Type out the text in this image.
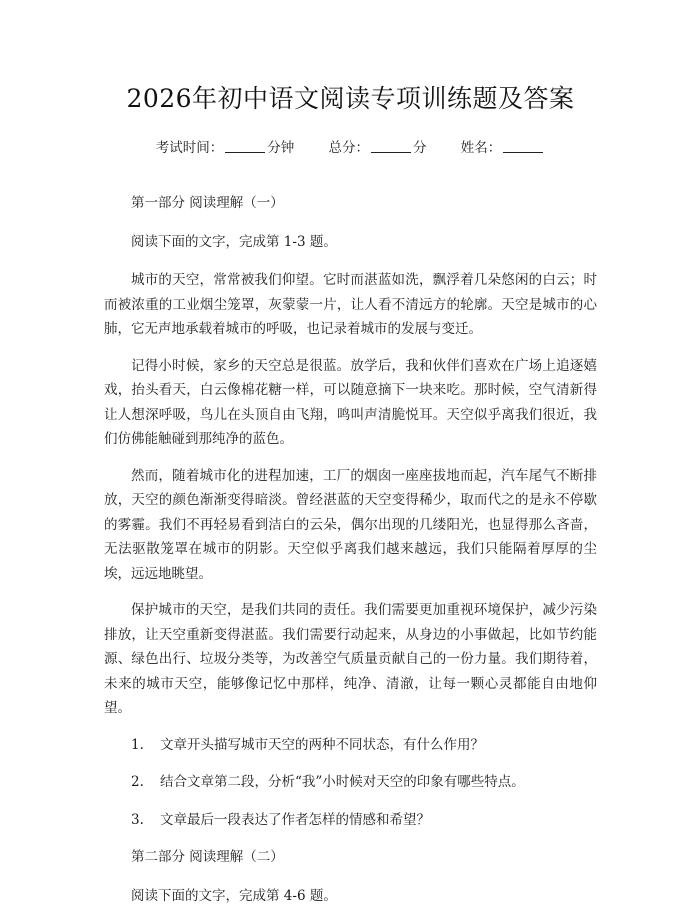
2026年初中语文阅读专项训练题及答案
考试时间：	分钟	总分：	分	姓名：

第一部分 阅读理解（一）

阅读下面的文字，完成第 1-3 题。

城市的天空，常常被我们仰望。它时而湛蓝如洗，飘浮着几朵悠闲的白云；时而被浓重的工业烟尘笼罩，灰蒙蒙一片，让人看不清远方的轮廓。天空是城市的心肺，它无声地承载着城市的呼吸，也记录着城市的发展与变迁。

记得小时候，家乡的天空总是很蓝。放学后，我和伙伴们喜欢在广场上追逐嬉戏，抬头看天，白云像棉花糖一样，可以随意摘下一块来吃。那时候，空气清新得让人想深呼吸，鸟儿在头顶自由飞翔，鸣叫声清脆悦耳。天空似乎离我们很近，我们仿佛能触碰到那纯净的蓝色。

然而，随着城市化的进程加速，工厂的烟囱一座座拔地而起，汽车尾气不断排放，天空的颜色渐渐变得暗淡。曾经湛蓝的天空变得稀少，取而代之的是永不停歇的雾霾。我们不再轻易看到洁白的云朵，偶尔出现的几缕阳光，也显得那么吝啬，无法驱散笼罩在城市的阴影。天空似乎离我们越来越远，我们只能隔着厚厚的尘埃，远远地眺望。

保护城市的天空，是我们共同的责任。我们需要更加重视环境保护，减少污染排放，让天空重新变得湛蓝。我们需要行动起来，从身边的小事做起，比如节约能源、绿色出行、垃圾分类等，为改善空气质量贡献自己的一份力量。我们期待着，未来的城市天空，能够像记忆中那样，纯净、清澈，让每一颗心灵都能自由地仰望。

1. 文章开头描写城市天空的两种不同状态，有什么作用？
2. 结合文章第二段，分析“我”小时候对天空的印象有哪些特点。
3. 文章最后一段表达了作者怎样的情感和希望？

第二部分 阅读理解（二）

阅读下面的文字，完成第 4-6 题。
